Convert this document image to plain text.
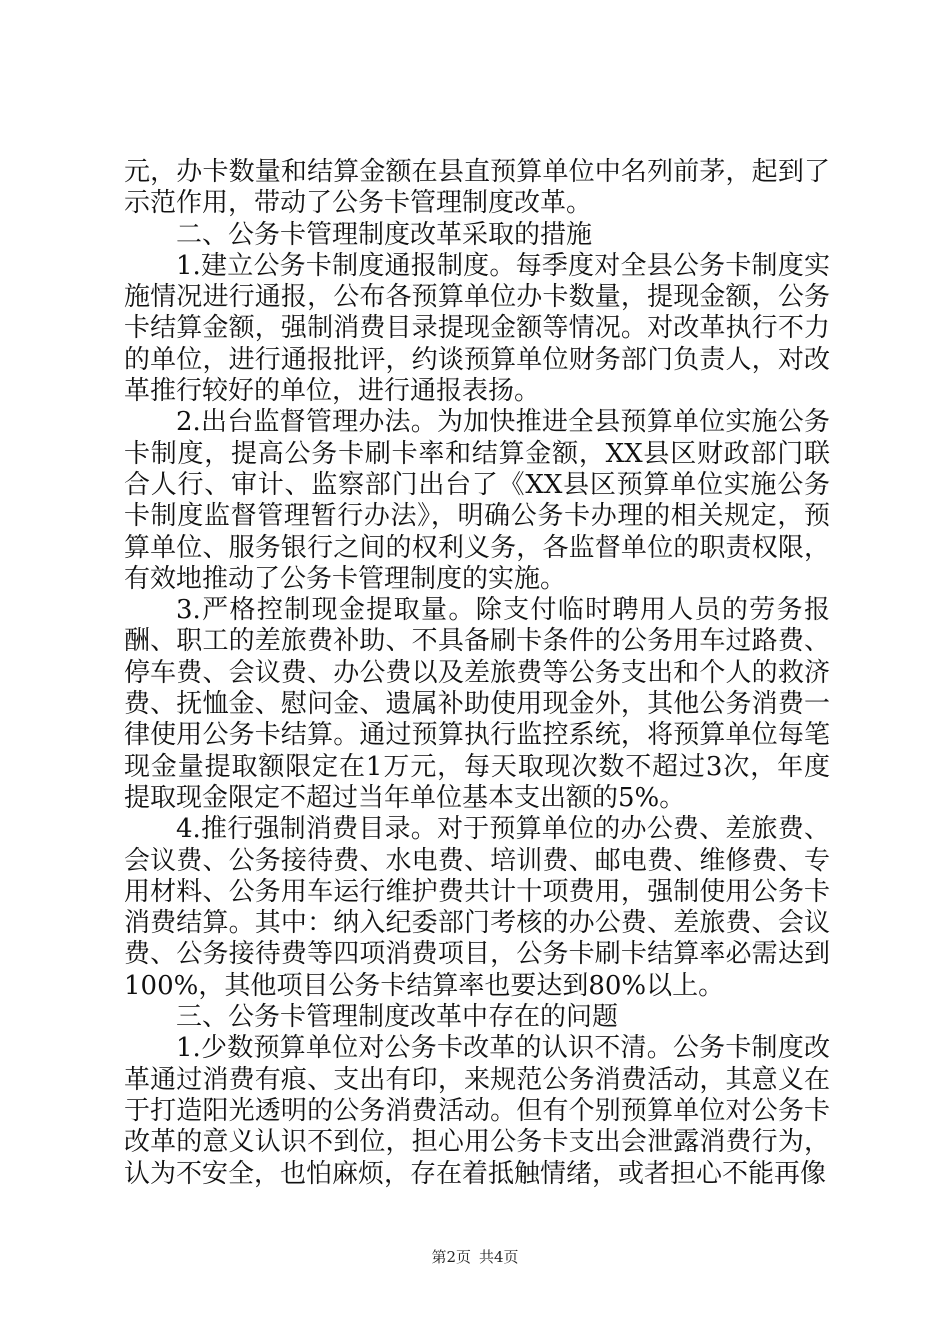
元，办卡数量和结算金额在县直预算单位中名列前茅，起到了示范作用，带动了公务卡管理制度改革。

二、公务卡管理制度改革采取的措施

1.建立公务卡制度通报制度。每季度对全县公务卡制度实施情况进行通报，公布各预算单位办卡数量，提现金额，公务卡结算金额，强制消费目录提现金额等情况。对改革执行不力的单位，进行通报批评，约谈预算单位财务部门负责人，对改革推行较好的单位，进行通报表扬。

2.出台监督管理办法。为加快推进全县预算单位实施公务卡制度，提高公务卡刷卡率和结算金额，XX县区财政部门联合人行、审计、监察部门出台了《XX县区预算单位实施公务卡制度监督管理暂行办法》，明确公务卡办理的相关规定，预算单位、服务银行之间的权利义务，各监督单位的职责权限，有效地推动了公务卡管理制度的实施。

3.严格控制现金提取量。除支付临时聘用人员的劳务报酬、职工的差旅费补助、不具备刷卡条件的公务用车过路费、停车费、会议费、办公费以及差旅费等公务支出和个人的救济费、抚恤金、慰问金、遗属补助使用现金外，其他公务消费一律使用公务卡结算。通过预算执行监控系统，将预算单位每笔现金量提取额限定在1万元，每天取现次数不超过3次，年度提取现金限定不超过当年单位基本支出额的5%。

4.推行强制消费目录。对于预算单位的办公费、差旅费、会议费、公务接待费、水电费、培训费、邮电费、维修费、专用材料、公务用车运行维护费共计十项费用，强制使用公务卡消费结算。其中：纳入纪委部门考核的办公费、差旅费、会议费、公务接待费等四项消费项目，公务卡刷卡结算率必需达到100%，其他项目公务卡结算率也要达到80%以上。

三、公务卡管理制度改革中存在的问题

1.少数预算单位对公务卡改革的认识不清。公务卡制度改革通过消费有痕、支出有印，来规范公务消费活动，其意义在于打造阳光透明的公务消费活动。但有个别预算单位对公务卡改革的意义认识不到位，担心用公务卡支出会泄露消费行为，认为不安全，也怕麻烦，存在着抵触情绪，或者担心不能再像

第2页 共4页
